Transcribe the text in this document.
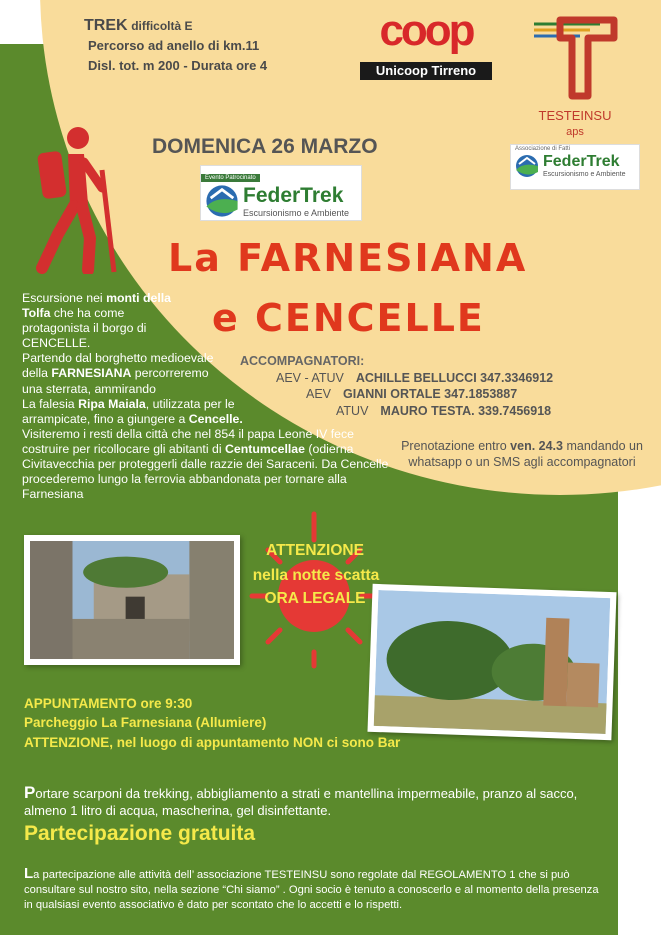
TREK difficoltà E
Percorso ad anello di km.11
Disl. tot. m 200 - Durata ore 4
coop
Unicoop Tirreno
TESTEINSU
aps
Associazione di Fatti
FederTrek
Escursionismo e Ambiente
DOMENICA 26 MARZO
Evento Patrocinato
FederTrek
Escursionismo e Ambiente
La FARNESIANA
e CENCELLE
Escursione nei monti della Tolfa che ha come protagonista il borgo di CENCELLE.
Partendo dal borghetto medioevale della FARNESIANA percorreremo una sterrata, ammirando
La falesia Ripa Maiala, utilizzata per le arrampicate, fino a giungere a Cencelle.
Visiteremo i resti della città che nel 854 il papa Leone IV fece costruire per ricollocare gli abitanti di Centumcellae (odierna Civitavecchia per proteggerli dalle razzie dei Saraceni. Da Cencelle procederemo lungo la ferrovia abbandonata per tornare alla Farnesiana
ACCOMPAGNATORI:
AEV - ATUV ACHILLE BELLUCCI 347.3346912
AEV GIANNI ORTALE 347.1853887
ATUV MAURO TESTA. 339.7456918
Prenotazione entro ven. 24.3 mandando un whatsapp o un SMS agli accompagnatori
ATTENZIONE
nella notte scatta
ORA LEGALE
APPUNTAMENTO ore 9:30
Parcheggio La Farnesiana (Allumiere)
ATTENZIONE, nel luogo di appuntamento NON ci sono Bar
Portare scarponi da trekking, abbigliamento a strati e mantellina impermeabile, pranzo al sacco, almeno 1 litro di acqua, mascherina, gel disinfettante.
Partecipazione gratuita
La partecipazione alle attività dell’ associazione TESTEINSU sono regolate dal REGOLAMENTO 1 che si può consultare sul nostro sito, nella sezione “Chi siamo” . Ogni socio è tenuto a conoscerlo e al momento della presenza in qualsiasi evento associativo è dato per scontato che lo accetti e lo rispetti.
